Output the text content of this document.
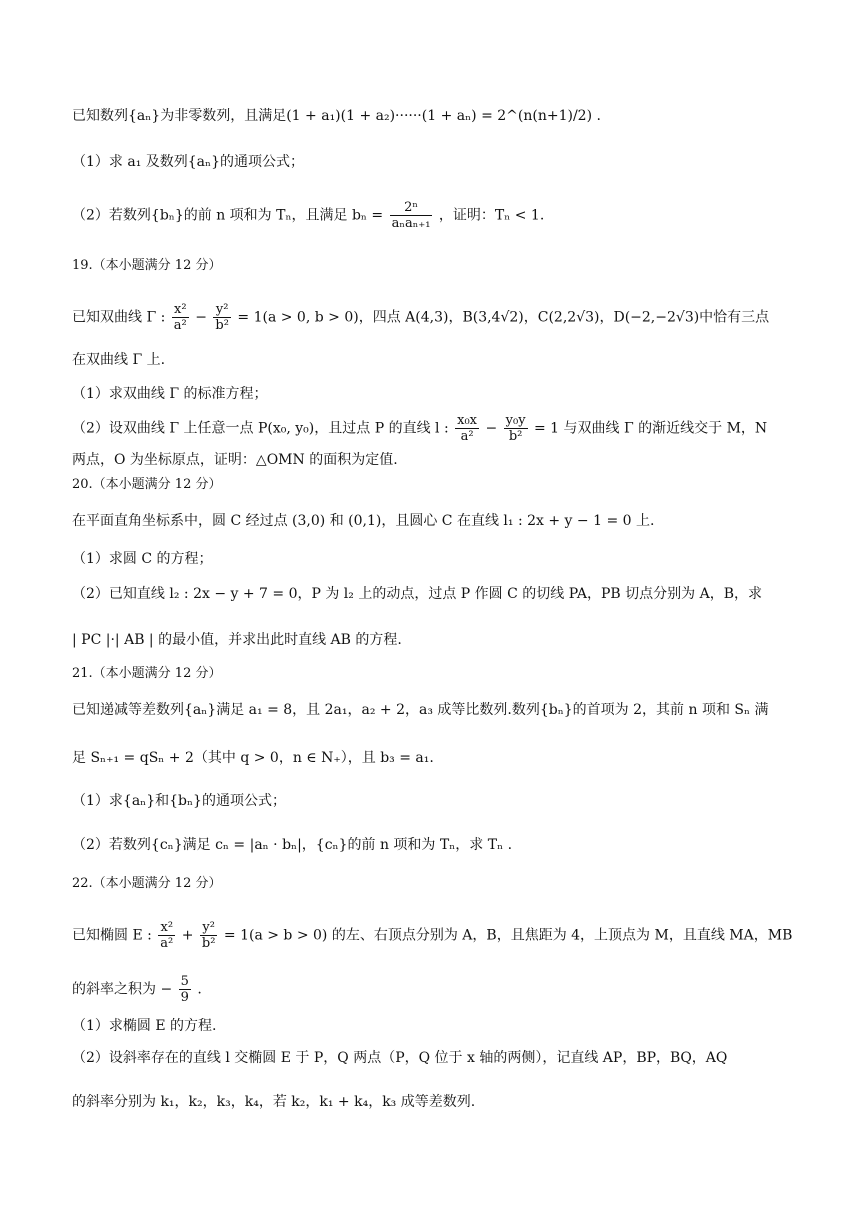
已知数列{aₙ}为非零数列，且满足(1 + a₁)(1 + a₂)······(1 + aₙ) = 2^(n(n+1)/2) .
（1）求 a₁ 及数列{aₙ}的通项公式；
（2）若数列{bₙ}的前 n 项和为 Tₙ，且满足 $b_n = \frac{\text{2ⁿ}}{\text{aₙaₙ₊₁}}$ ，证明：Tₙ < 1.
19.（本小题满分 12 分）
已知双曲线 Γ : $\frac{\text{x²}}{\text{a²}} - \frac{\text{y²}}{\text{b²}} = 1(a > 0$, b > 0)，四点 A(4,3)，B(3,4√2)，C(2,2√3)，D(−2,−2√3)中恰有三点
在双曲线 Γ 上.
（1）求双曲线 Γ 的标准方程；
（2）设双曲线 Γ 上任意一点 P(x₀, y₀)，且过点 P 的直线 l : $\frac{\text{x₀x}}{\text{a²}} - \frac{\text{y₀y}}{\text{b²}} = 1$ 与双曲线 Γ 的渐近线交于 M，N
两点，O 为坐标原点，证明：△OMN 的面积为定值.
20.（本小题满分 12 分）
在平面直角坐标系中，圆 C 经过点 (3,0) 和 (0,1)，且圆心 C 在直线 l₁ : 2x + y − 1 = 0 上.
（1）求圆 C 的方程；
（2）已知直线 l₂ : 2x − y + 7 = 0，P 为 l₂ 上的动点，过点 P 作圆 C 的切线 PA，PB 切点分别为 A，B，求
| PC |·| AB | 的最小值，并求出此时直线 AB 的方程.
21.（本小题满分 12 分）
已知递减等差数列{aₙ}满足 a₁ = 8，且 2a₁，a₂ + 2，a₃ 成等比数列.数列{bₙ}的首项为 2，其前 n 项和 Sₙ 满
足 Sₙ₊₁ = qSₙ + 2（其中 q > 0，n ∈ N₊），且 b₃ = a₁.
（1）求{aₙ}和{bₙ}的通项公式；
（2）若数列{cₙ}满足 cₙ = |aₙ · bₙ|，{cₙ}的前 n 项和为 Tₙ，求 Tₙ .
22.（本小题满分 12 分）
已知椭圆 E : $\frac{\text{x²}}{\text{a²}} + \frac{\text{y²}}{\text{b²}} = 1(a > b > 0)$ 的左、右顶点分别为 A，B，且焦距为 4，上顶点为 M，且直线 MA，MB
的斜率之积为 − $\frac{5}{9}$ .
（1）求椭圆 E 的方程.
（2）设斜率存在的直线 l 交椭圆 E 于 P，Q 两点（P，Q 位于 x 轴的两侧），记直线 AP，BP，BQ，AQ
的斜率分别为 k₁，k₂，k₃，k₄，若 k₂，k₁ + k₄，k₃ 成等差数列.
